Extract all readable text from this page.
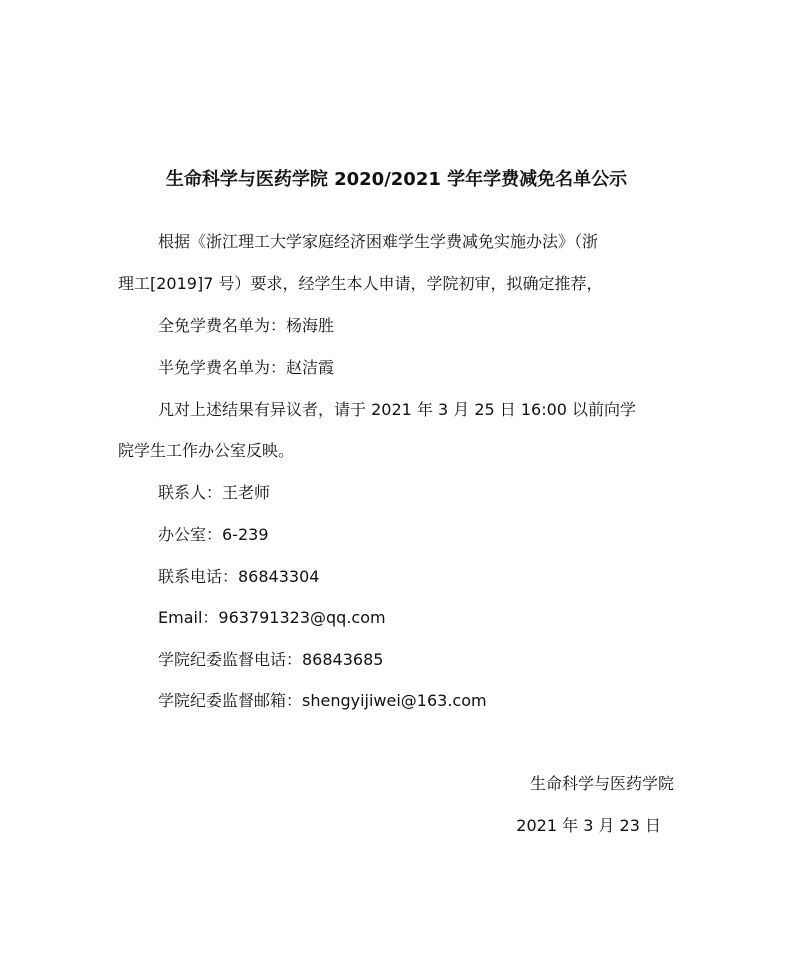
生命科学与医药学院 2020/2021 学年学费减免名单公示
根据《浙江理工大学家庭经济困难学生学费减免实施办法》（浙
理工[2019]7 号）要求，经学生本人申请，学院初审，拟确定推荐，
全免学费名单为：杨海胜
半免学费名单为：赵洁霞
凡对上述结果有异议者，请于 2021 年 3 月 25 日 16:00 以前向学
院学生工作办公室反映。
联系人：王老师
办公室：6-239
联系电话：86843304
Email：963791323@qq.com
学院纪委监督电话：86843685
学院纪委监督邮箱：shengyijiwei@163.com
生命科学与医药学院
2021 年 3 月 23 日
